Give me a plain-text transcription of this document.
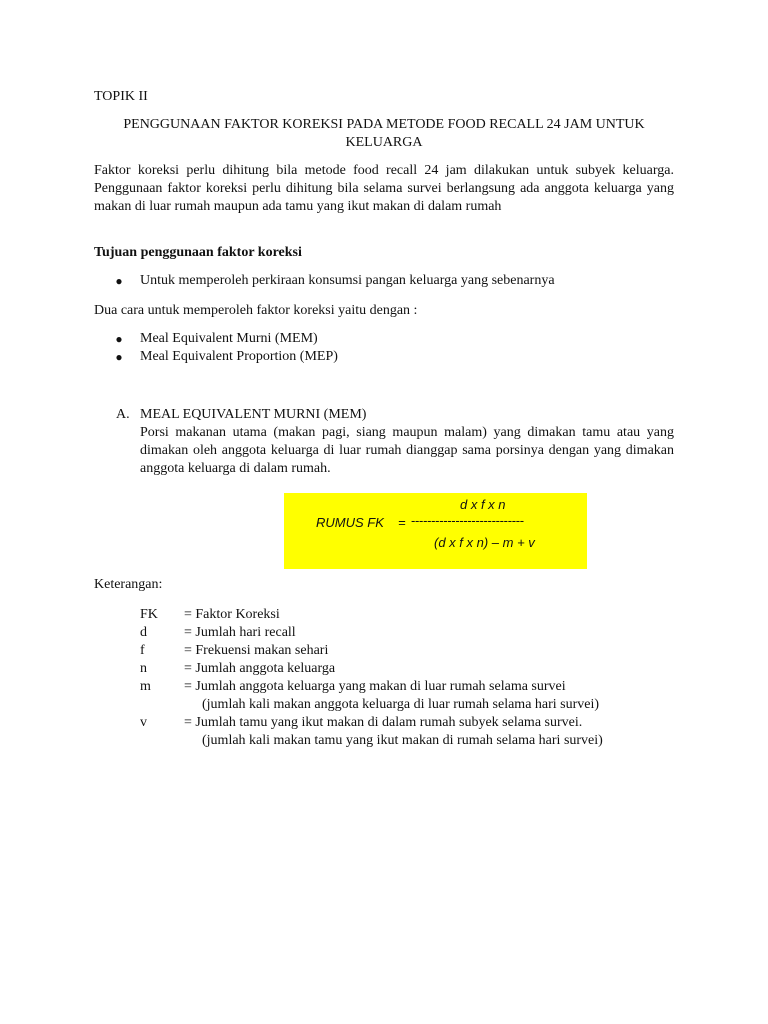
TOPIK II
PENGGUNAAN FAKTOR KOREKSI PADA METODE FOOD RECALL 24 JAM UNTUK
KELUARGA

Faktor koreksi perlu dihitung bila metode food recall 24 jam dilakukan untuk subyek keluarga. Penggunaan faktor koreksi perlu dihitung bila selama survei berlangsung ada anggota keluarga yang makan di luar rumah maupun ada tamu yang ikut makan di dalam rumah

Tujuan penggunaan faktor koreksi
● Untuk memperoleh perkiraan konsumsi pangan keluarga yang sebenarnya
Dua cara untuk memperoleh faktor koreksi yaitu dengan :
● Meal Equivalent Murni (MEM)
● Meal Equivalent Proportion (MEP)
A. MEAL EQUIVALENT MURNI (MEM)

Porsi makanan utama (makan pagi, siang maupun malam) yang dimakan tamu atau yang dimakan oleh anggota keluarga di luar rumah dianggap sama porsinya dengan yang dimakan anggota keluarga di dalam rumah.

d x f x n
RUMUS FK = ----------------------------
(d x f x n) – m + v
Keterangan:
FK	= Faktor Koreksi
d	= Jumlah hari recall
f	= Frekuensi makan sehari
n	= Jumlah anggota keluarga
m	= Jumlah anggota keluarga yang makan di luar rumah selama survei
(jumlah kali makan anggota keluarga di luar rumah selama hari survei)
v	= Jumlah tamu yang ikut makan di dalam rumah subyek selama survei.
(jumlah kali makan tamu yang ikut makan di rumah selama hari survei)
